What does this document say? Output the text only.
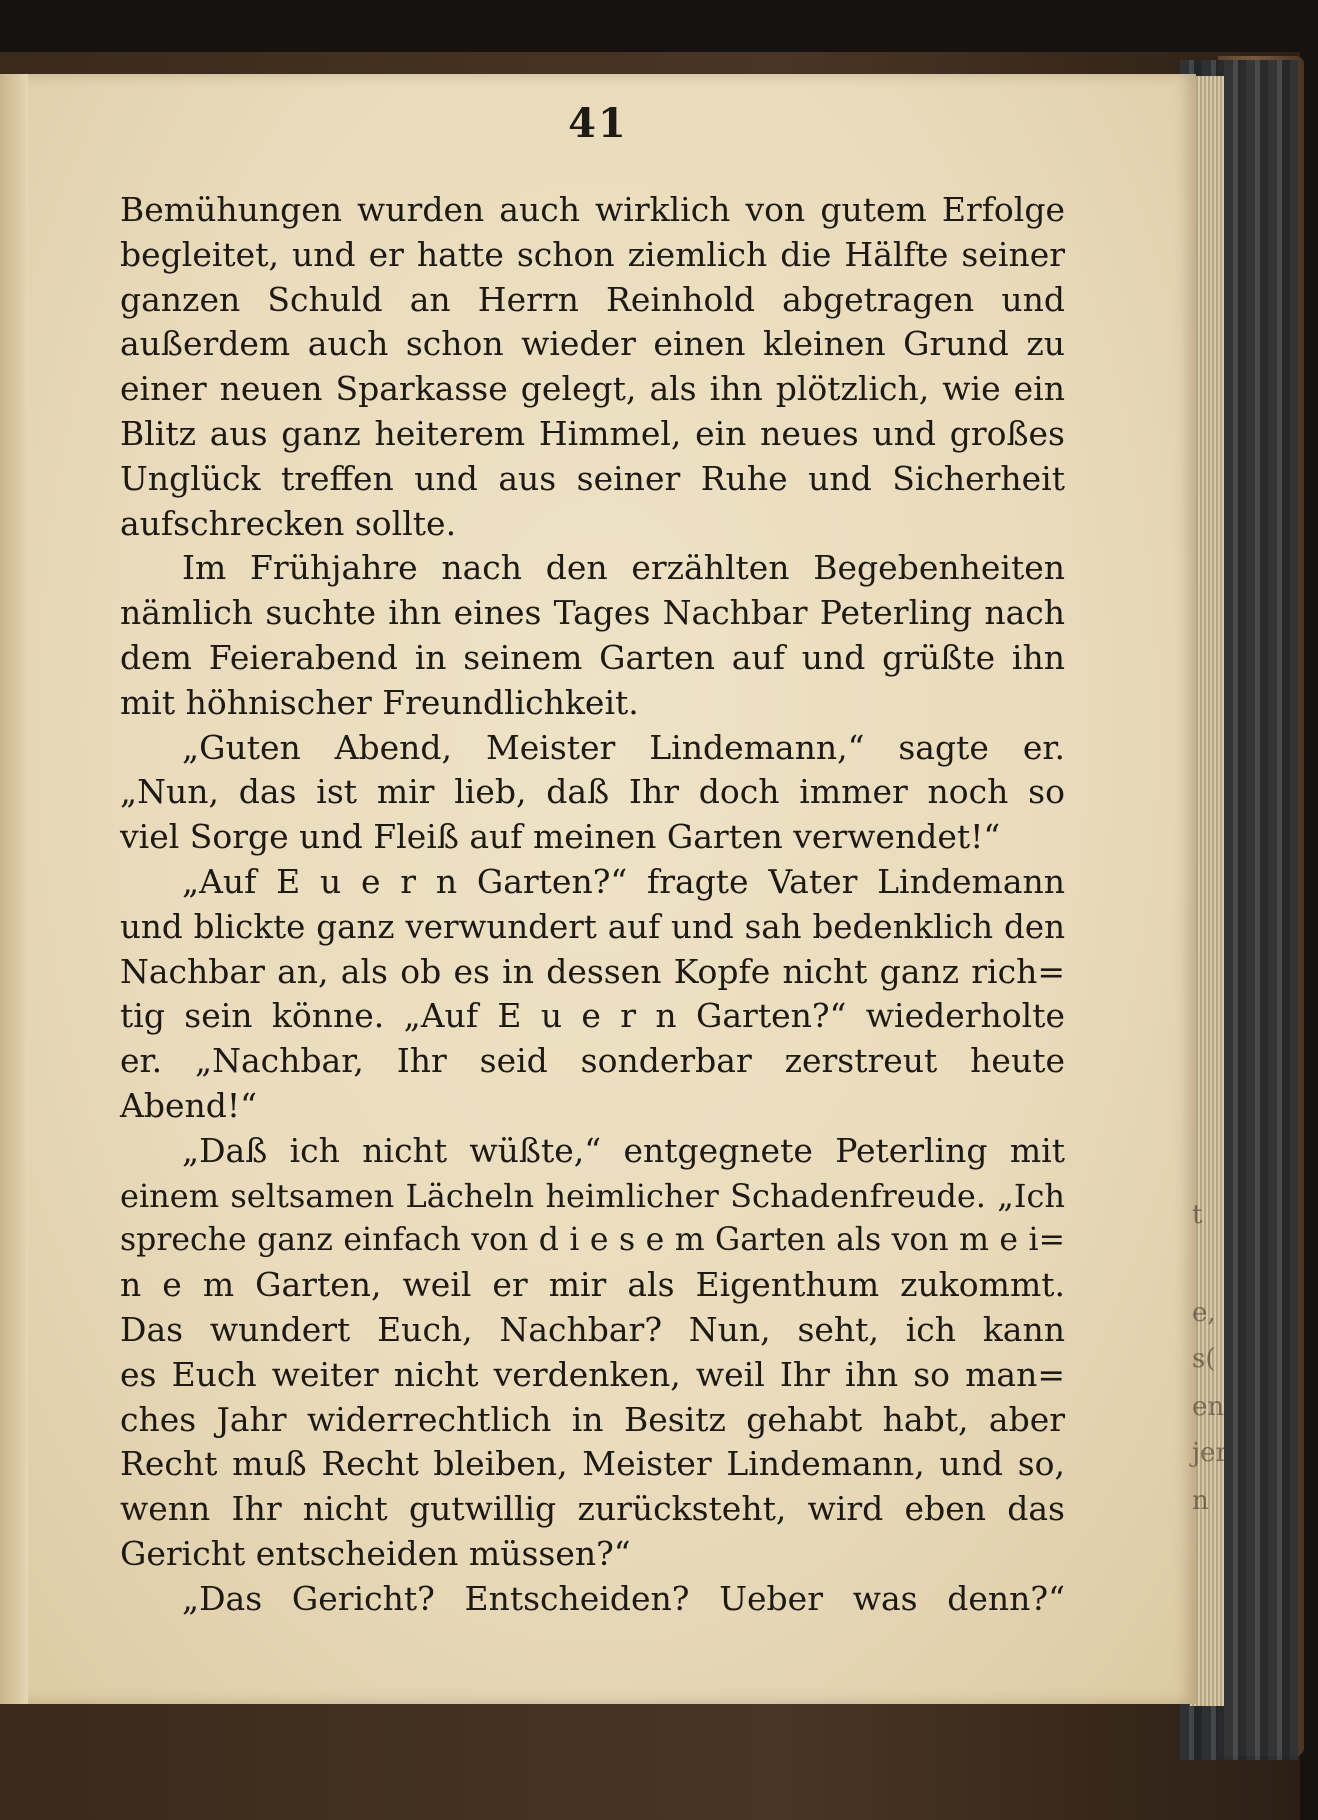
41
Bemühungen wurden auch wirklich von gutem Erfolge
begleitet, und er hatte schon ziemlich die Hälfte seiner
ganzen Schuld an Herrn Reinhold abgetragen und
außerdem auch schon wieder einen kleinen Grund zu
einer neuen Sparkasse gelegt, als ihn plötzlich, wie ein
Blitz aus ganz heiterem Himmel, ein neues und großes
Unglück treffen und aus seiner Ruhe und Sicherheit
aufschrecken sollte.
Im Frühjahre nach den erzählten Begebenheiten
nämlich suchte ihn eines Tages Nachbar Peterling nach
dem Feierabend in seinem Garten auf und grüßte ihn
mit höhnischer Freundlichkeit.
„Guten Abend, Meister Lindemann,“ sagte er.
„Nun, das ist mir lieb, daß Ihr doch immer noch so
viel Sorge und Fleiß auf meinen Garten verwendet!“
„Auf E u e r n Garten?“ fragte Vater Lindemann
und blickte ganz verwundert auf und sah bedenklich den
Nachbar an, als ob es in dessen Kopfe nicht ganz rich=
tig sein könne. „Auf E u e r n Garten?“ wiederholte
er. „Nachbar, Ihr seid sonderbar zerstreut heute
Abend!“
„Daß ich nicht wüßte,“ entgegnete Peterling mit
einem seltsamen Lächeln heimlicher Schadenfreude. „Ich
spreche ganz einfach von d i e s e m Garten als von m e i=
n e m Garten, weil er mir als Eigenthum zukommt.
Das wundert Euch, Nachbar? Nun, seht, ich kann
es Euch weiter nicht verdenken, weil Ihr ihn so man=
ches Jahr widerrechtlich in Besitz gehabt habt, aber
Recht muß Recht bleiben, Meister Lindemann, und so,
wenn Ihr nicht gutwillig zurücksteht, wird eben das
Gericht entscheiden müssen?“
„Das Gericht? Entscheiden? Ueber was denn?“
t
e,
s(
en
jer
n
